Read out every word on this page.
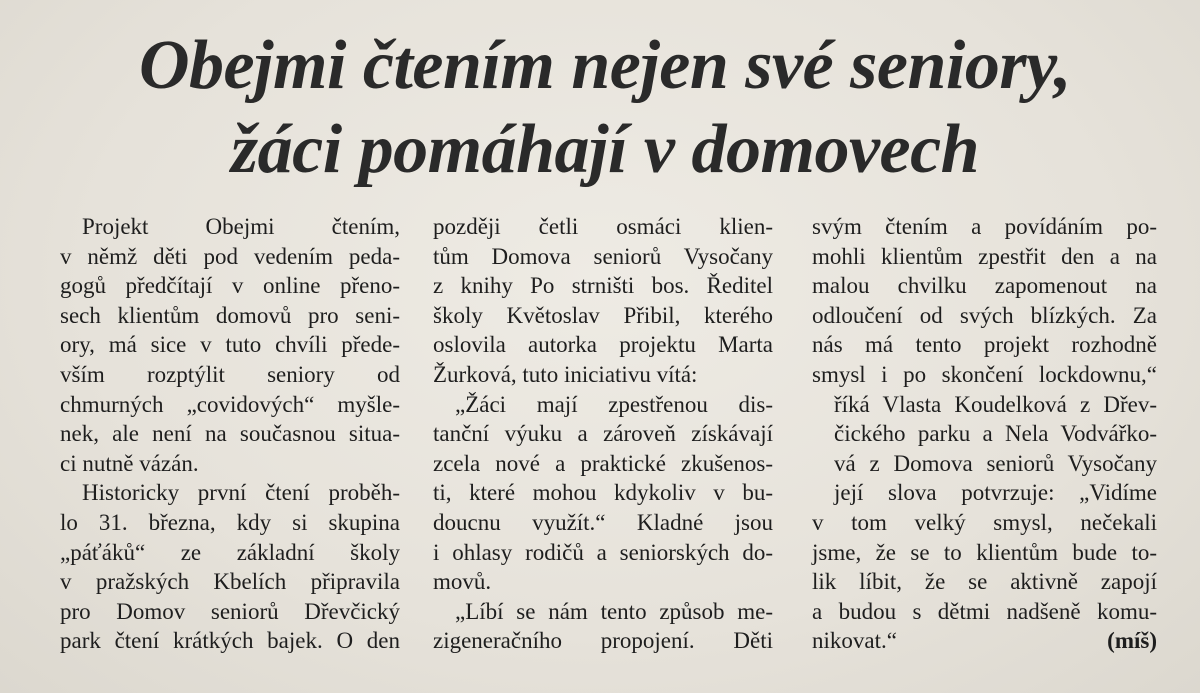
Obejmi čtením nejen své seniory,
žáci pomáhají v domovech

Projekt Obejmi čtením,
v němž děti pod vedením peda-
gogů předčítají v online přeno-
sech klientům domovů pro seni-
ory, má sice v tuto chvíli přede-
vším rozptýlit seniory od
chmurných „covidových“ myšle-
nek, ale není na současnou situa-
ci nutně vázán.

Historicky první čtení proběh-
lo 31. března, kdy si skupina
„páťáků“ ze základní školy
v pražských Kbelích připravila
pro Domov seniorů Dřevčický
park čtení krátkých bajek. O den

později četli osmáci klien-
tům Domova seniorů Vysočany
z knihy Po strništi bos. Ředitel
školy Květoslav Přibil, kterého
oslovila autorka projektu Marta
Žurková, tuto iniciativu vítá:

„Žáci mají zpestřenou dis-
tanční výuku a zároveň získávají
zcela nové a praktické zkušenos-
ti, které mohou kdykoliv v bu-
doucnu využít.“ Kladné jsou
i ohlasy rodičů a seniorských do-
movů.

„Líbí se nám tento způsob me-
zigeneračního propojení. Děti

svým čtením a povídáním po-
mohli klientům zpestřit den a na
malou chvilku zapomenout na
odloučení od svých blízkých. Za
nás má tento projekt rozhodně
smysl i po skončení lockdownu,“
říká Vlasta Koudelková z Dřev-
čického parku a Nela Vodvářko-
vá z Domova seniorů Vysočany
její slova potvrzuje: „Vidíme
v tom velký smysl, nečekali
jsme, že se to klientům bude to-
lik líbit, že se aktivně zapojí
a budou s dětmi nadšeně komu-
nikovat.“	(míš)
